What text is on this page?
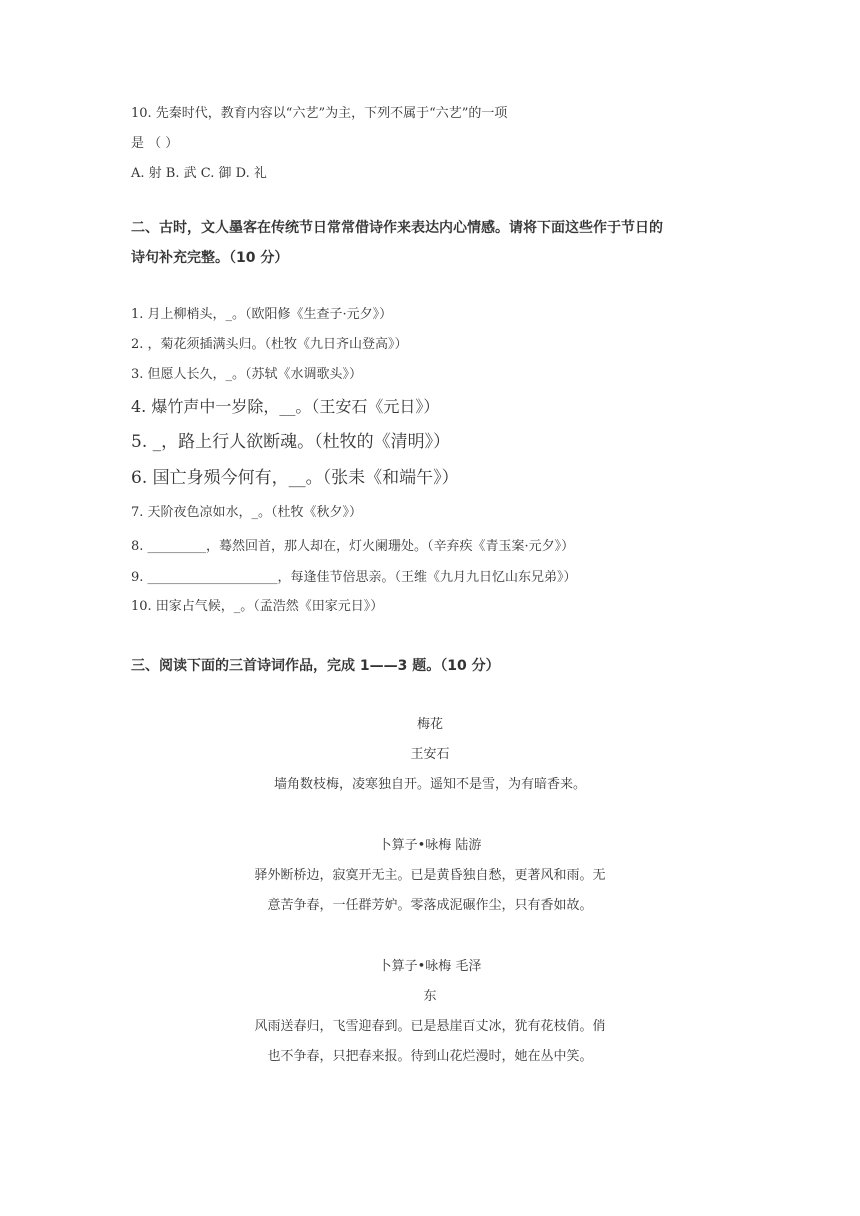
10. 先秦时代，教育内容以“六艺”为主，下列不属于“六艺”的一项
是 （ ）
A. 射 B. 武 C. 御 D. 礼
二、古时，文人墨客在传统节日常常借诗作来表达内心情感。请将下面这些作于节日的
诗句补充完整。（10 分）
1. 月上柳梢头，_。（欧阳修《生查子·元夕》）
2. ，菊花须插满头归。（杜牧《九日齐山登高》）
3. 但愿人长久，_。（苏轼《水调歌头》）
4. 爆竹声中一岁除，__。（王安石《元日》）
5. _，路上行人欲断魂。（杜牧的《清明》）
6. 国亡身殒今何有，__。（张耒《和端午》）
7. 天阶夜色凉如水，_。（杜牧《秋夕》）
8. _________，蓦然回首，那人却在，灯火阑珊处。（辛弃疾《青玉案·元夕》）
9. ____________________，每逢佳节倍思亲。（王维《九月九日忆山东兄弟》）
10. 田家占气候，_。（孟浩然《田家元日》）
三、阅读下面的三首诗词作品，完成 1——3 题。（10 分）
梅花
王安石
墙角数枝梅，凌寒独自开。遥知不是雪，为有暗香来。
卜算子•咏梅 陆游
驿外断桥边，寂寞开无主。已是黄昏独自愁，更著风和雨。无
意苦争春，一任群芳妒。零落成泥碾作尘，只有香如故。
卜算子•咏梅 毛泽
东
风雨送春归，飞雪迎春到。已是悬崖百丈冰，犹有花枝俏。俏
也不争春，只把春来报。待到山花烂漫时，她在丛中笑。
